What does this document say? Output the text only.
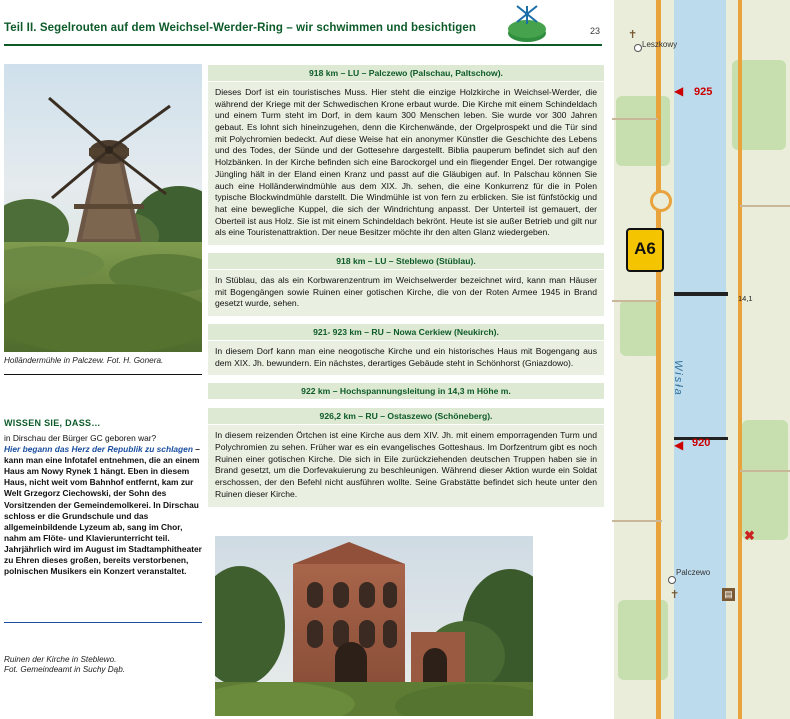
Teil II. Segelrouten auf dem Weichsel-Werder-Ring – wir schwimmen und besichtigen	23
Holländermühle in Palczew. Fot. H. Gonera.
WISSEN SIE, DASS…
in Dirschau der Bürger GC geboren war?
Hier begann das Herz der Republik zu schlagen – kann man eine Infotafel entnehmen, die an einem Haus am Nowy Rynek 1 hängt. Eben in diesem Haus, nicht weit vom Bahnhof entfernt, kam zur Welt Grzegorz Ciechowski, der Sohn des Vorsitzenden der Gemeindemolkerei. In Dirschau schloss er die Grundschule und das allgemeinbildende Lyzeum ab, sang im Chor, nahm am Flöte- und Klavierunterricht teil. Jahrjährlich wird im August im Stadtamphitheater zu Ehren dieses großen, bereits verstorbenen, polnischen Musikers ein Konzert veranstaltet.
Ruinen der Kirche in Steblewo.
Fot. Gemeindeamt in Suchy Dąb.
918 km – LU – Palczewo (Palschau, Paltschow).
Dieses Dorf ist ein touristisches Muss. Hier steht die einzige Holzkirche in Weichsel-Werder, die während der Kriege mit der Schwedischen Krone erbaut wurde. Die Kirche mit einem Schindeldach und einem Turm steht im Dorf, in dem kaum 300 Menschen leben. Sie wurde vor 300 Jahren gebaut. Es lohnt sich hineinzugehen, denn die Kirchenwände, der Orgelprospekt und die Tür sind mit Polychromien bedeckt. Auf diese Weise hat ein anonymer Künstler die Geschichte des Lebens und des Todes, der Sünde und der Gottesehre dargestellt. Biblia pauperum befindet sich auf den Holzbänken. In der Kirche befinden sich eine Barockorgel und ein fliegender Engel. Der rotwangige Jüngling hält in der Eland einen Kranz und passt auf die Gläubigen auf. In Palschau können Sie auch eine Holländerwindmühle aus dem XIX. Jh. sehen, die eine Konkurrenz für die in Polen typische Blockwindmühle darstellt. Die Windmühle ist von fern zu erblicken. Sie ist fünfstöckig und hat eine bewegliche Kuppel, die sich der Windrichtung anpasst. Der Unterteil ist gemauert, der Oberteil ist aus Holz. Sie ist mit einem Schindeldach bekrönt. Heute ist sie außer Betrieb und gilt nur als eine Touristenattraktion. Der neue Besitzer möchte ihr den alten Glanz wiedergeben.
918 km – LU – Steblewo (Stüblau).
In Stüblau, das als ein Korbwarenzentrum im Weichselwerder bezeichnet wird, kann man Häuser mit Bogengängen sowie Ruinen einer gotischen Kirche, die von der Roten Armee 1945 in Brand gesetzt wurde, sehen.
921- 923 km – RU – Nowa Cerkiew (Neukirch).
In diesem Dorf kann man eine neogotische Kirche und ein historisches Haus mit Bogengang aus dem XIX. Jh. bewundern. Ein nächstes, derartiges Gebäude steht in Schönhorst (Gniazdowo).
922 km – Hochspannungsleitung in 14,3 m Höhe m.
926,2 km – RU – Ostaszewo (Schöneberg).
In diesem reizenden Örtchen ist eine Kirche aus dem XIV. Jh. mit einem emporragenden Turm und Polychromien zu sehen. Früher war es ein evangelisches Gotteshaus. Im Dorfzentrum gibt es noch Ruinen einer gotischen Kirche. Die sich in Eile zurückziehenden deutschen Truppen haben sie in Brand gesetzt, um die Dorfevakuierung zu beschleunigen. Während dieser Aktion wurde ein Soldat erschossen, der den Befehl nicht ausführen wollte. Seine Grabstätte befindet sich heute unter den Ruinen dieser Kirche.
Wisła
14,1
◀
◀
925
920
A6
Leszkowy
✝
Palczewo
✝	▤
✖
